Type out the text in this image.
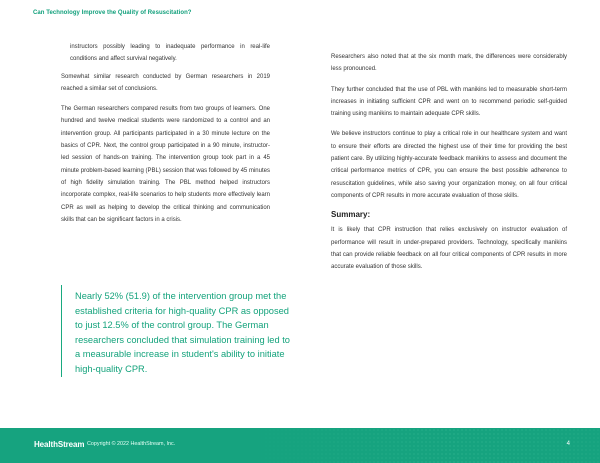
Can Technology Improve the Quality of Resuscitation?

instructors possibly leading to inadequate performance in real-life conditions and affect survival negatively.

Somewhat similar research conducted by German researchers in 2019 reached a similar set of conclusions.

The German researchers compared results from two groups of learners. One hundred and twelve medical students were randomized to a control and an intervention group. All participants participated in a 30 minute lecture on the basics of CPR. Next, the control group participated in a 90 minute, instructor-led session of hands-on training. The intervention group took part in a 45 minute problem-based learning (PBL) session that was followed by 45 minutes of high fidelity simulation training. The PBL method helped instructors incorporate complex, real-life scenarios to help students more effectively learn CPR as well as helping to develop the critical thinking and communication skills that can be significant factors in a crisis.

Nearly 52% (51.9) of the intervention group met the established criteria for high-quality CPR as opposed to just 12.5% of the control group. The German researchers concluded that simulation training led to a measurable increase in student's ability to initiate high-quality CPR.

Researchers also noted that at the six month mark, the differences were considerably less pronounced.

They further concluded that the use of PBL with manikins led to measurable short-term increases in initiating sufficient CPR and went on to recommend periodic self-guided training using manikins to maintain adequate CPR skills.

We believe instructors continue to play a critical role in our healthcare system and want to ensure their efforts are directed the highest use of their time for providing the best patient care. By utilizing highly-accurate feedback manikins to assess and document the critical performance metrics of CPR, you can ensure the best possible adherence to resuscitation guidelines, while also saving your organization money, on all four critical components of CPR results in more accurate evaluation of those skills.

Summary:

It is likely that CPR instruction that relies exclusively on instructor evaluation of performance will result in under-prepared providers. Technology, specifically manikins that can provide reliable feedback on all four critical components of CPR results in more accurate evaluation of those skills.

HealthStream Copyright © 2022 HealthStream, Inc.	4
